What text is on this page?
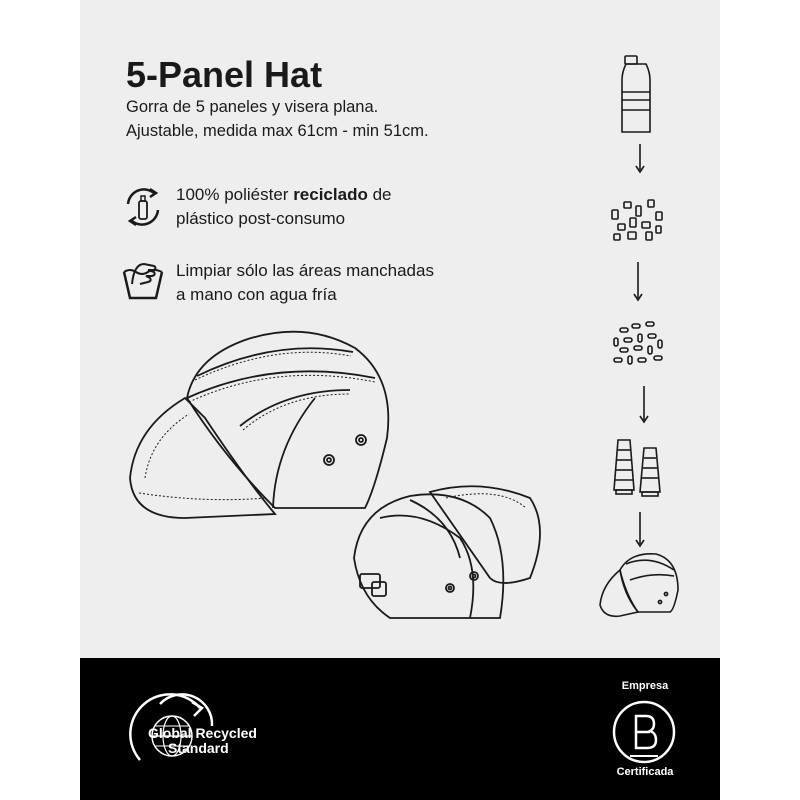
5-Panel Hat

Gorra de 5 paneles y visera plana.

Ajustable, medida max 61cm - min 51cm.

100% poliéster reciclado de
plástico post-consumo

Limpiar sólo las áreas manchadas
a mano con agua fría

Global Recycled
Standard
Empresa
Certificada
